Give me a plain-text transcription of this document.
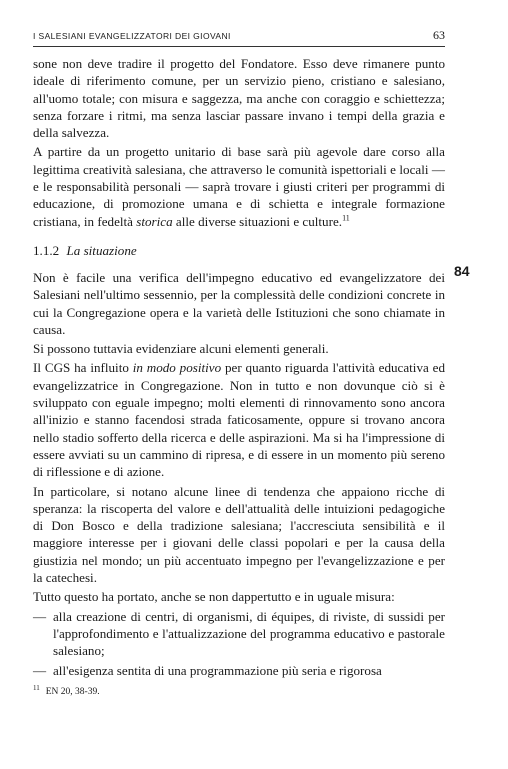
I SALESIANI EVANGELIZZATORI DEI GIOVANI	63
84

sone non deve tradire il progetto del Fondatore. Esso deve rimanere punto ideale di riferimento comune, per un servizio pieno, cristiano e salesiano, all'uomo totale; con misura e saggezza, ma anche con coraggio e schiettezza; senza forzare i ritmi, ma senza lasciar passare invano i tempi della grazia e della salvezza.

A partire da un progetto unitario di base sarà più agevole dare corso alla legittima creatività salesiana, che attraverso le comunità ispettoriali e locali — e le responsabilità personali — saprà trovare i giusti criteri per programmi di educazione, di promozione umana e di schietta e integrale formazione cristiana, in fedeltà storica alle diverse situazioni e culture.$^{11}$

1.1.2 La situazione

Non è facile una verifica dell'impegno educativo ed evangelizzatore dei Salesiani nell'ultimo sessennio, per la complessità delle condizioni concrete in cui la Congregazione opera e la varietà delle Istituzioni che sono chiamate in causa.

Si possono tuttavia evidenziare alcuni elementi generali.

Il CGS ha influito in modo positivo per quanto riguarda l'attività educativa ed evangelizzatrice in Congregazione. Non in tutto e non dovunque ciò si è sviluppato con eguale impegno; molti elementi di rinnovamento sono ancora all'inizio e stanno facendosi strada faticosamente, oppure si trovano ancora nello stadio sofferto della ricerca e delle aspirazioni. Ma si ha l'impressione di essere avviati su un cammino di ripresa, e di essere in un momento più sereno di riflessione e di azione.

In particolare, si notano alcune linee di tendenza che appaiono ricche di speranza: la riscoperta del valore e dell'attualità delle intuizioni pedagogiche di Don Bosco e della tradizione salesiana; l'accresciuta sensibilità e il maggiore interesse per i giovani delle classi popolari e per la causa della giustizia nel mondo; un più accentuato impegno per l'evangelizzazione e per la catechesi.

Tutto questo ha portato, anche se non dappertutto e in uguale misura:

— alla creazione di centri, di organismi, di équipes, di riviste, di sussidi per l'approfondimento e l'attualizzazione del programma educativo e pastorale salesiano;
— all'esigenza sentita di una programmazione più seria e rigorosa
$^{11}$ EN 20, 38-39.
